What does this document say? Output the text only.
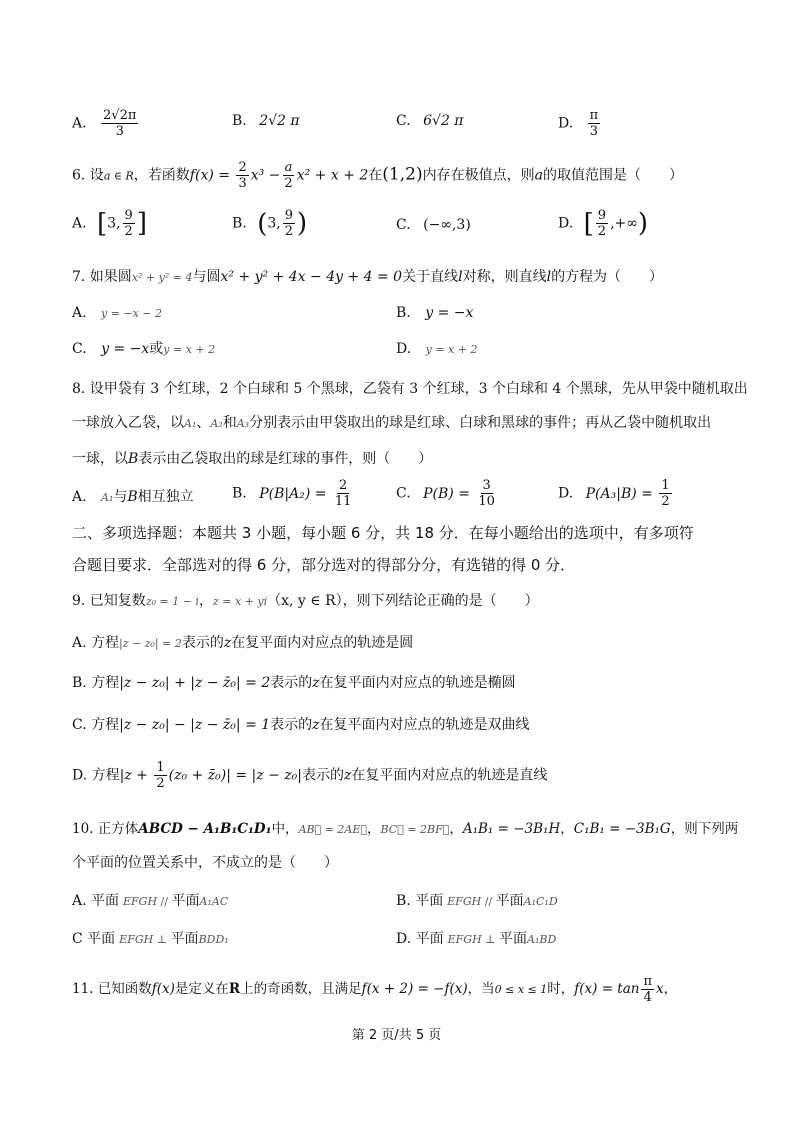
A. $\frac{2√2\pi}{3}$	B. 2√2 π	C. 6√2 π	D. $\frac{\pi}{3}$
6. 设a ∈ R，若函数$f(x) = \frac{2}{3} x^3 - \frac{a}{2} x^2 + x + 2$在(1,2)内存在极值点，则a的取值范围是（　　）
A. [3, $\frac{9}{2}$ ]	B. (3, $\frac{9}{2}$ )	C. (−∞,3)	D. [ $\frac{9}{2}$ ,+∞)
7. 如果圆x² + y² = 4与圆x² + y² + 4x − 4y + 4 = 0关于直线l对称，则直线l的方程为（　　）
A. y = −x − 2	B. y = −x
C. y = −x或y = x + 2	D. y = x + 2
8. 设甲袋有 3 个红球，2 个白球和 5 个黑球，乙袋有 3 个红球，3 个白球和 4 个黑球，先从甲袋中随机取出
一球放入乙袋，以A₁、A₂和A₃分别表示由甲袋取出的球是红球、白球和黑球的事件；再从乙袋中随机取出
一球，以B表示由乙袋取出的球是红球的事件，则（　　）
A. A₁与B相互独立	B. $P(B|A_2) = \frac{2}{11}$	C. $P(B) = \frac{3}{10}$	D. $P(A_3|B) = \frac{1}{2}$
二、多项选择题：本题共 3 小题，每小题 6 分，共 18 分．在每小题给出的选项中，有多项符
合题目要求．全部选对的得 6 分，部分选对的得部分分，有选错的得 0 分．
9. 已知复数z₀ = 1 − i，z = x + yi（x, y ∈ R），则下列结论正确的是（　　）
A. 方程|z − z₀| = 2表示的z在复平面内对应点的轨迹是圆
B. 方程|z − z₀| + |z − z̄₀| = 2表示的z在复平面内对应点的轨迹是椭圆
C. 方程|z − z₀| − |z − z̄₀| = 1表示的z在复平面内对应点的轨迹是双曲线
D. 方程$|z + \frac{1}{2} (z_0$ + z̄₀)| = |z − z₀|表示的z在复平面内对应点的轨迹是直线
10. 正方体ABCD − A₁B₁C₁D₁中，AB⃗ = 2AE⃗，BC⃗ = 2BF⃗，A₁B₁ = −3B₁H，C₁B₁ = −3B₁G，则下列两
个平面的位置关系中，不成立的是（　　）
A. 平面 EFGH // 平面A₁AC	B. 平面 EFGH // 平面A₁C₁D
C 平面 EFGH ⊥ 平面BDD₁	D. 平面 EFGH ⊥ 平面A₁BD
11. 已知函数f(x)是定义在R上的奇函数，且满足f(x + 2) = −f(x)，当0 ≤ x ≤ 1时，$f(x) = \tan \frac{\pi}{4}$ x，
第 2 页/共 5 页
